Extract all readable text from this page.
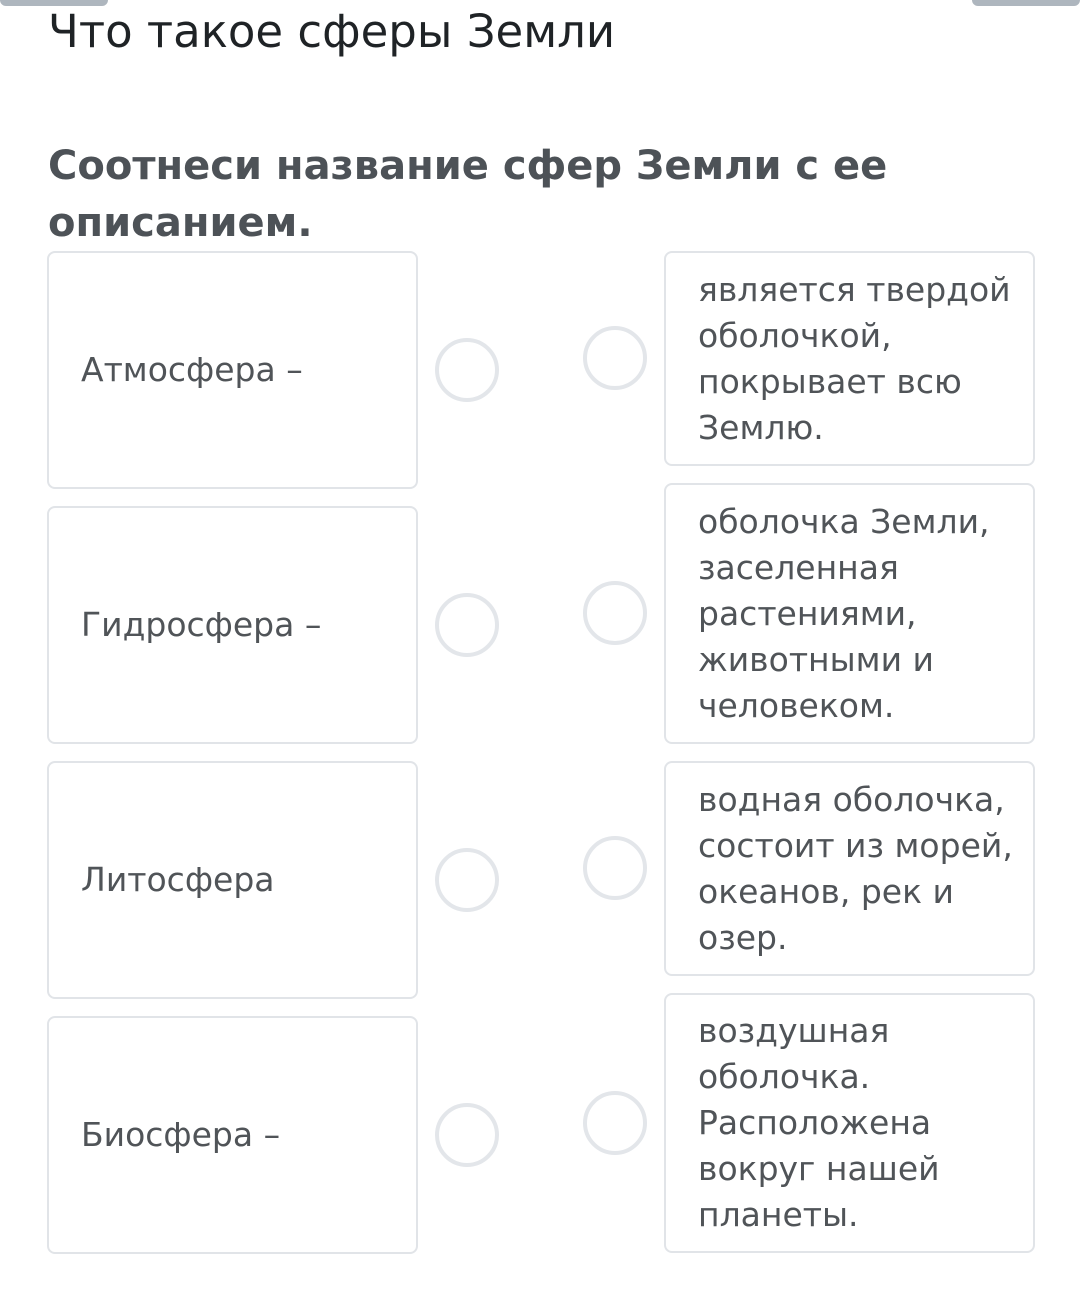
Что такое сферы Земли
Соотнеси название сфер Земли с ее описанием.
Атмосфера –
Гидросфера –
Литосфера
Биосфера –
является твердой оболочкой, покрывает всю Землю.
оболочка Земли, заселенная растениями, животными и человеком.
водная оболочка, состоит из морей, океанов, рек и озер.
воздушная оболочка. Расположена вокруг нашей планеты.
